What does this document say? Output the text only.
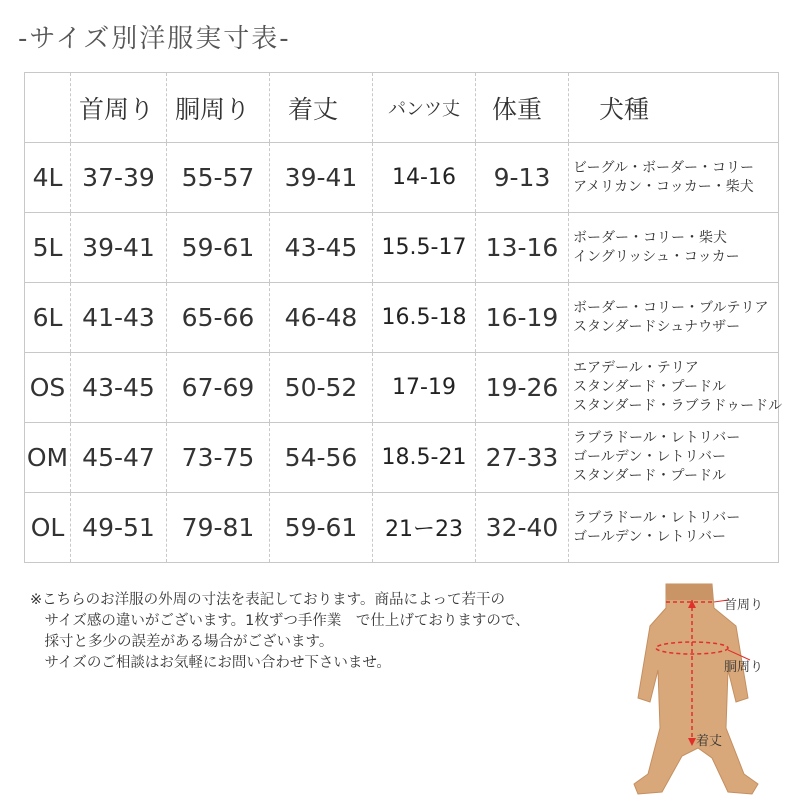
-サイズ別洋服実寸表-
	首周り	胴周り	着丈	パンツ丈	体重	犬種
4L	37-39	55-57	39-41	14-16	9-13	ビーグル・ボーダー・コリー
アメリカン・コッカー・柴犬

5L	39-41	59-61	43-45	15.5-17	13-16	ボーダー・コリー・柴犬
イングリッシュ・コッカー

6L	41-43	65-66	46-48	16.5-18	16-19	ボーダー・コリー・ブルテリア
スタンダードシュナウザー

OS	43-45	67-69	50-52	17-19	19-26	エアデール・テリア
スタンダード・プードル
スタンダード・ラブラドゥードル

OM	45-47	73-75	54-56	18.5-21	27-33	ラブラドール・レトリバー
ゴールデン・レトリバー
スタンダード・プードル

OL	49-51	79-81	59-61	21ー23	32-40	ラブラドール・レトリバー
ゴールデン・レトリバー
※こちらのお洋服の外周の寸法を表記しております。商品によって若干の
　サイズ感の違いがございます。1枚ずつ手作業　で仕上げておりますので、
　採寸と多少の誤差がある場合がございます。
　サイズのご相談はお気軽にお問い合わせ下さいませ。
首周り
胴周り
着丈
